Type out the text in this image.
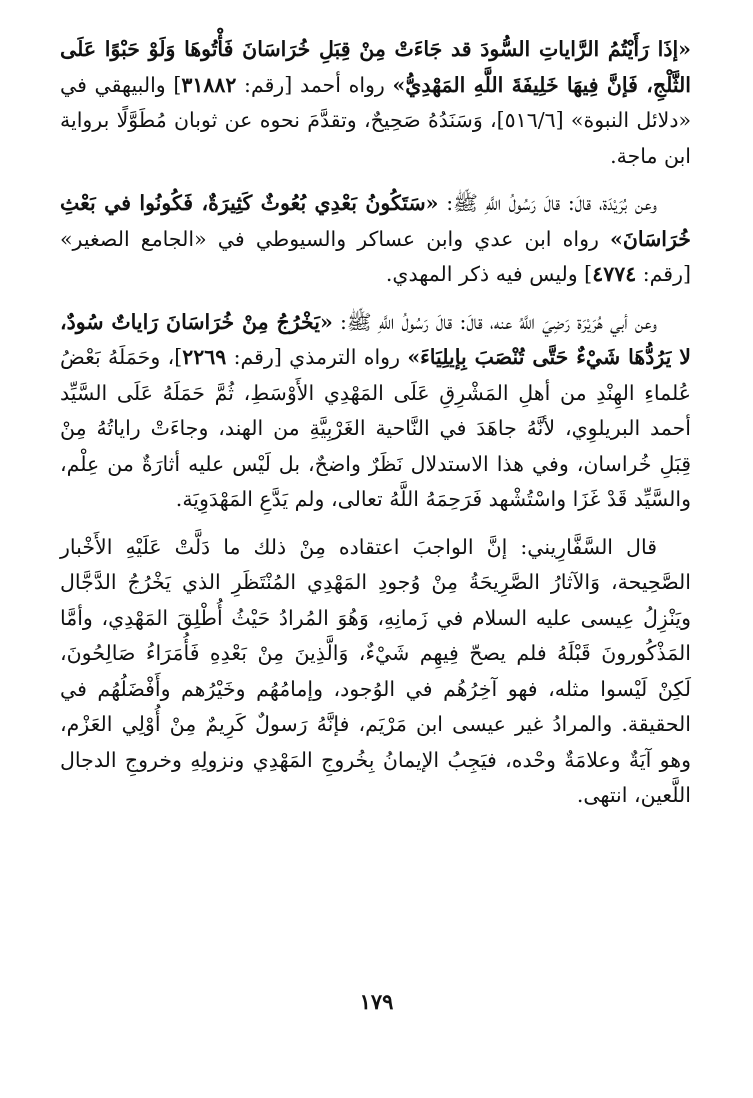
«إذَا رَأَيْتُمُ الرَّاياتِ السُّودَ قد جَاءَتْ مِنْ قِبَلِ خُرَاسَانَ فَأْتُوهَا وَلَوْ حَبْوًا عَلَى الثَّلْجِ، فَإنَّ فِيهَا خَلِيفَةَ اللَّهِ المَهْدِيُّ» رواه أحمد [رقم: ٣١٨٨٢] والبيهقي في «دلائل النبوة» [٥١٦/٦]، وَسَنَدُهُ صَحِيحٌ، وتقدَّمَ نحوه عن ثوبان مُطَوَّلًا برواية ابن ماجة.

وعن بُرَيْدَة، قالَ: قالَ رَسُولُ اللَّهِ ﷺ: «سَتَكُونُ بَعْدِي بُعُوثٌ كَثِيرَةٌ، فَكُونُوا في بَعْثِ خُرَاسَانَ» رواه ابن عدي وابن عساكر والسيوطي في «الجامع الصغير» [رقم: ٤٧٧٤] وليس فيه ذكر المهدي.

وعن أبي هُرَيْرَة رَضِيَ اللَّهُ عنه، قالَ: قالَ رَسُولُ اللَّهِ ﷺ: «يَخْرُجُ مِنْ خُرَاسَانَ رَاياتٌ سُودٌ، لا يَرُدُّهَا شَيْءٌ حَتَّى تُنْصَبَ بِإيلِيَاءَ» رواه الترمذي [رقم: ٢٢٦٩]، وحَمَلَهُ بَعْضُ عُلماءِ الهِنْدِ من أهلِ المَشْرِقِ عَلَى المَهْدِي الأَوْسَطِ، ثُمَّ حَمَلَهُ عَلَى السَّيِّد أحمد البريلوِي، لأنَّهُ جاهَدَ في النَّاحية الغَرْبِيَّةِ من الهند، وجاءَتْ راياتُهُ مِنْ قِبَلِ خُراسان، وفي هذا الاستدلال نَظَرٌ واضحٌ، بل لَيْس عليه أثارَةٌ من عِلْم، والسَّيِّد قَدْ غَزَا واسْتُشْهد فَرَحِمَهُ اللَّهُ تعالى، ولم يَدَّعِ المَهْدَوِيَة.

قال السَّفَّارِيني: إنَّ الواجبَ اعتقاده مِنْ ذلك ما دَلَّتْ عَلَيْهِ الأَخْبار الصَّحِيحة، وَالآثارُ الصَّرِيحَةُ مِنْ وُجودِ المَهْدِي المُنْتَظَرِ الذي يَخْرُجُ الدَّجَّال ويَنْزِلُ عِيسى عليه السلام في زَمانِهِ، وَهُوَ المُرادُ حَيْثُ أُطْلِقَ المَهْدِي، وأمَّا المَذْكُورونَ قَبْلَهُ فلم يصحّ فِيهِم شَيْءٌ، وَالَّذِينَ مِنْ بَعْدِهِ فَأُمَرَاءُ صَالِحُونَ، لَكِنْ لَيْسوا مثله، فهو آخِرُهُم في الوُجود، وإمامُهُم وخَيْرُهم وأَفْضَلُهُم في الحقيقة. والمرادُ غير عيسى ابن مَرْيَم، فإنَّهُ رَسولٌ كَرِيمٌ مِنْ أُوْلِي العَزْم، وهو آيَةٌ وعلامَةٌ وحْده، فيَجِبُ الإيمانُ بِخُروجِ المَهْدِي ونزولِهِ وخروجِ الدجال اللَّعين، انتهى.

١٧٩
